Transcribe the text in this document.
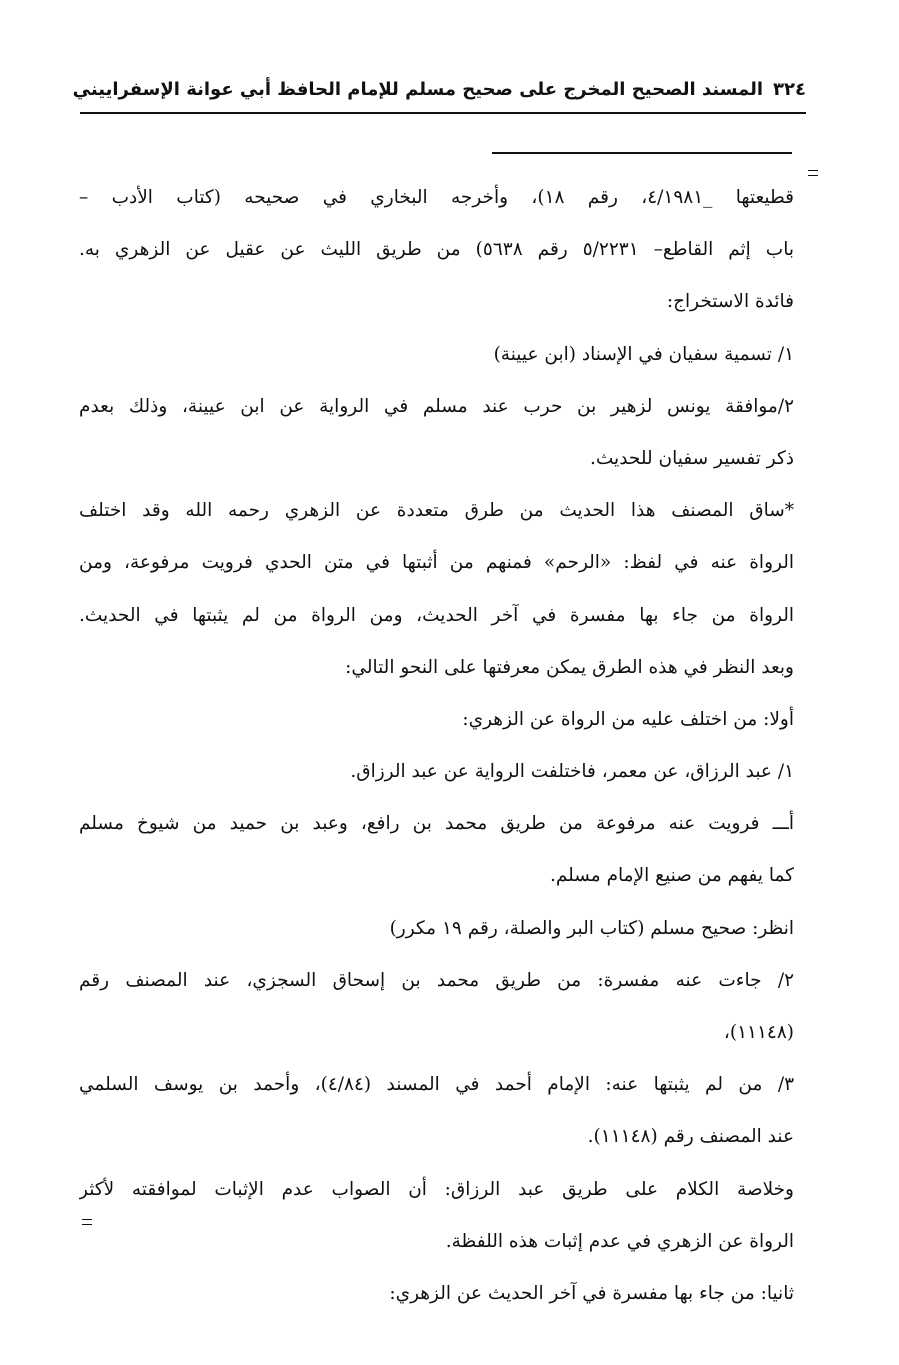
٣٢٤
المسند الصحيح المخرج على صحيح مسلم للإمام الحافظ أبي عوانة الإسفراييني
قطيعتها _٤/١٩٨١، رقم ١٨)، وأخرجه البخاري في صحيحه (كتاب الأدب –
باب إثم القاطع– ٥/٢٢٣١ رقم ٥٦٣٨) من طريق الليث عن عقيل عن الزهري به.
فائدة الاستخراج:
١/ تسمية سفيان في الإسناد (ابن عيينة)
٢/موافقة يونس لزهير بن حرب عند مسلم في الرواية عن ابن عيينة، وذلك بعدم
ذكر تفسير سفيان للحديث.
*ساق المصنف هذا الحديث من طرق متعددة عن الزهري رحمه الله وقد اختلف
الرواة عنه في لفظ: «الرحم» فمنهم من أثبتها في متن الحدي فرويت مرفوعة، ومن
الرواة من جاء بها مفسرة في آخر الحديث، ومن الرواة من لم يثبتها في الحديث.
وبعد النظر في هذه الطرق يمكن معرفتها على النحو التالي:
أولا: من اختلف عليه من الرواة عن الزهري:
١/ عبد الرزاق، عن معمر، فاختلفت الرواية عن عبد الرزاق.
أـــ فرويت عنه مرفوعة من طريق محمد بن رافع، وعبد بن حميد من شيوخ مسلم
كما يفهم من صنيع الإمام مسلم.
انظر: صحيح مسلم (كتاب البر والصلة، رقم ١٩ مكرر)
٢/ جاءت عنه مفسرة: من طريق محمد بن إسحاق السجزي، عند المصنف رقم
(١١١٤٨)،
٣/ من لم يثبتها عنه: الإمام أحمد في المسند (٤/٨٤)، وأحمد بن يوسف السلمي
عند المصنف رقم (١١١٤٨).
وخلاصة الكلام على طريق عبد الرزاق: أن الصواب عدم الإثبات لموافقته لأكثر
الرواة عن الزهري في عدم إثبات هذه اللفظة.
ثانيا: من جاء بها مفسرة في آخر الحديث عن الزهري:
